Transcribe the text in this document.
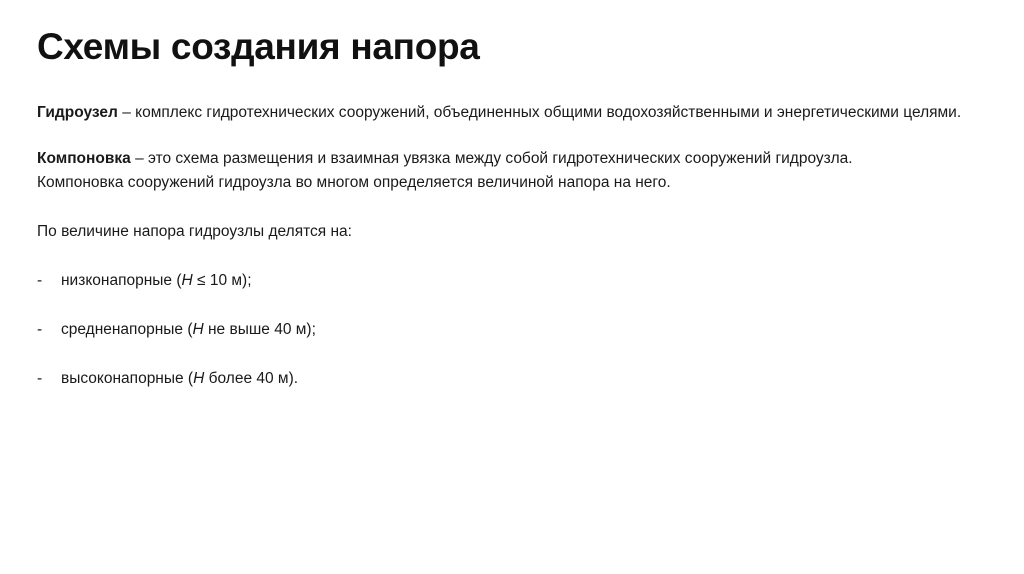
Схемы создания напора

Гидроузел – комплекс гидротехнических сооружений, объединенных общими водохозяйственными и энергетическими целями.

Компоновка – это схема размещения и взаимная увязка между собой гидротехнических сооружений гидроузла.
Компоновка сооружений гидроузла во многом определяется величиной напора на него.

По величине напора гидроузлы делятся на:

-	низконапорные (H ≤ 10 м);
-	средненапорные (H не выше 40 м);
-	высоконапорные (H более 40 м).
